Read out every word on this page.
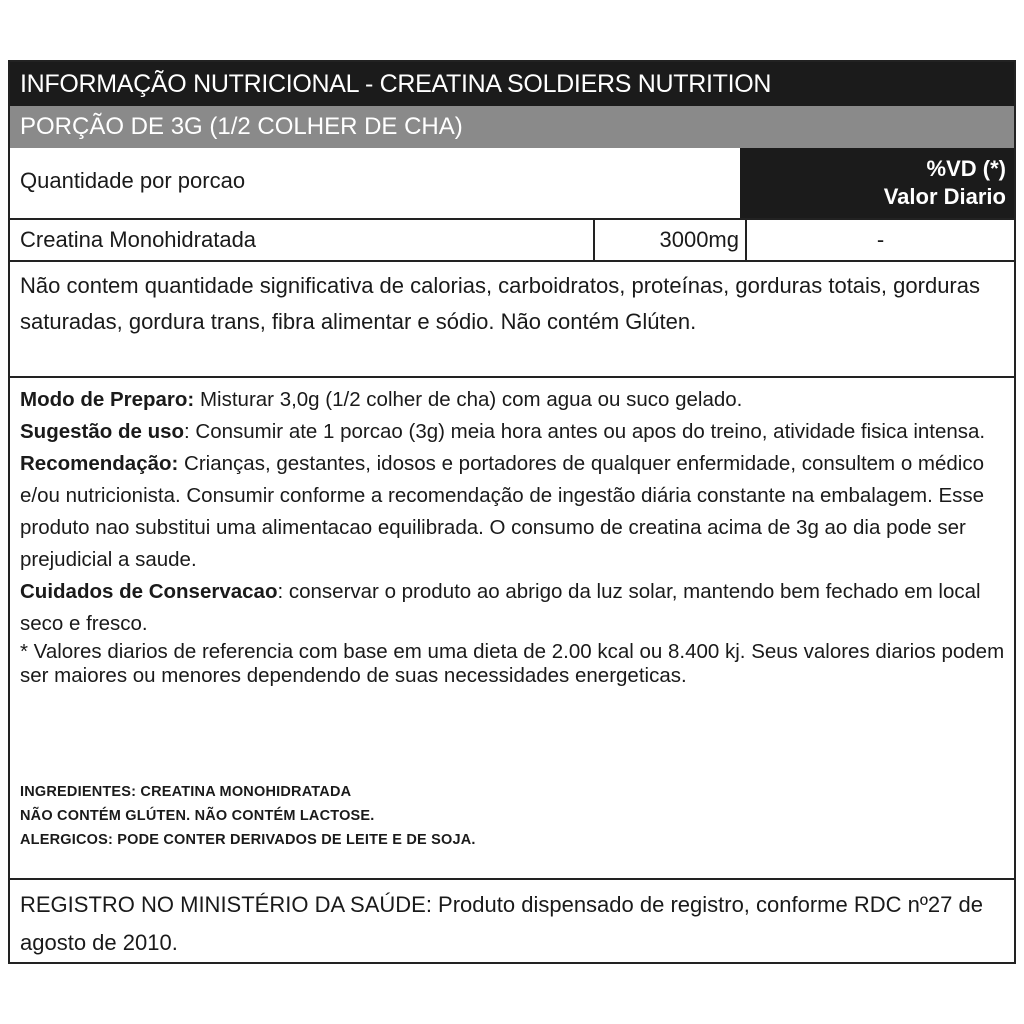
INFORMAÇÃO NUTRICIONAL - CREATINA SOLDIERS NUTRITION
PORÇÃO DE 3G (1/2 COLHER DE CHA)
Quantidade por porcao	%VD (*)
Valor Diario
Creatina Monohidratada	3000mg	-
Não contem quantidade significativa de calorias, carboidratos, proteínas, gorduras totais, gorduras saturadas, gordura trans, fibra alimentar e sódio. Não contém Glúten.

Modo de Preparo: Misturar 3,0g (1/2 colher de cha) com agua ou suco gelado.

Sugestão de uso: Consumir ate 1 porcao (3g) meia hora antes ou apos do treino, atividade fisica intensa.

Recomendação: Crianças, gestantes, idosos e portadores de qualquer enfermidade, consultem o médico e/ou nutricionista. Consumir conforme a recomendação de ingestão diária constante na embalagem. Esse produto nao substitui uma alimentacao equilibrada. O consumo de creatina acima de 3g ao dia pode ser prejudicial a saude.

Cuidados de Conservacao: conservar o produto ao abrigo da luz solar, mantendo bem fechado em local seco e fresco.

* Valores diarios de referencia com base em uma dieta de 2.00 kcal ou 8.400 kj. Seus valores diarios podem ser maiores ou menores dependendo de suas necessidades energeticas.

INGREDIENTES: CREATINA MONOHIDRATADA
NÃO CONTÉM GLÚTEN. NÃO CONTÉM LACTOSE.
ALERGICOS: PODE CONTER DERIVADOS DE LEITE E DE SOJA.
REGISTRO NO MINISTÉRIO DA SAÚDE: Produto dispensado de registro, conforme RDC nº27 de agosto de 2010.
